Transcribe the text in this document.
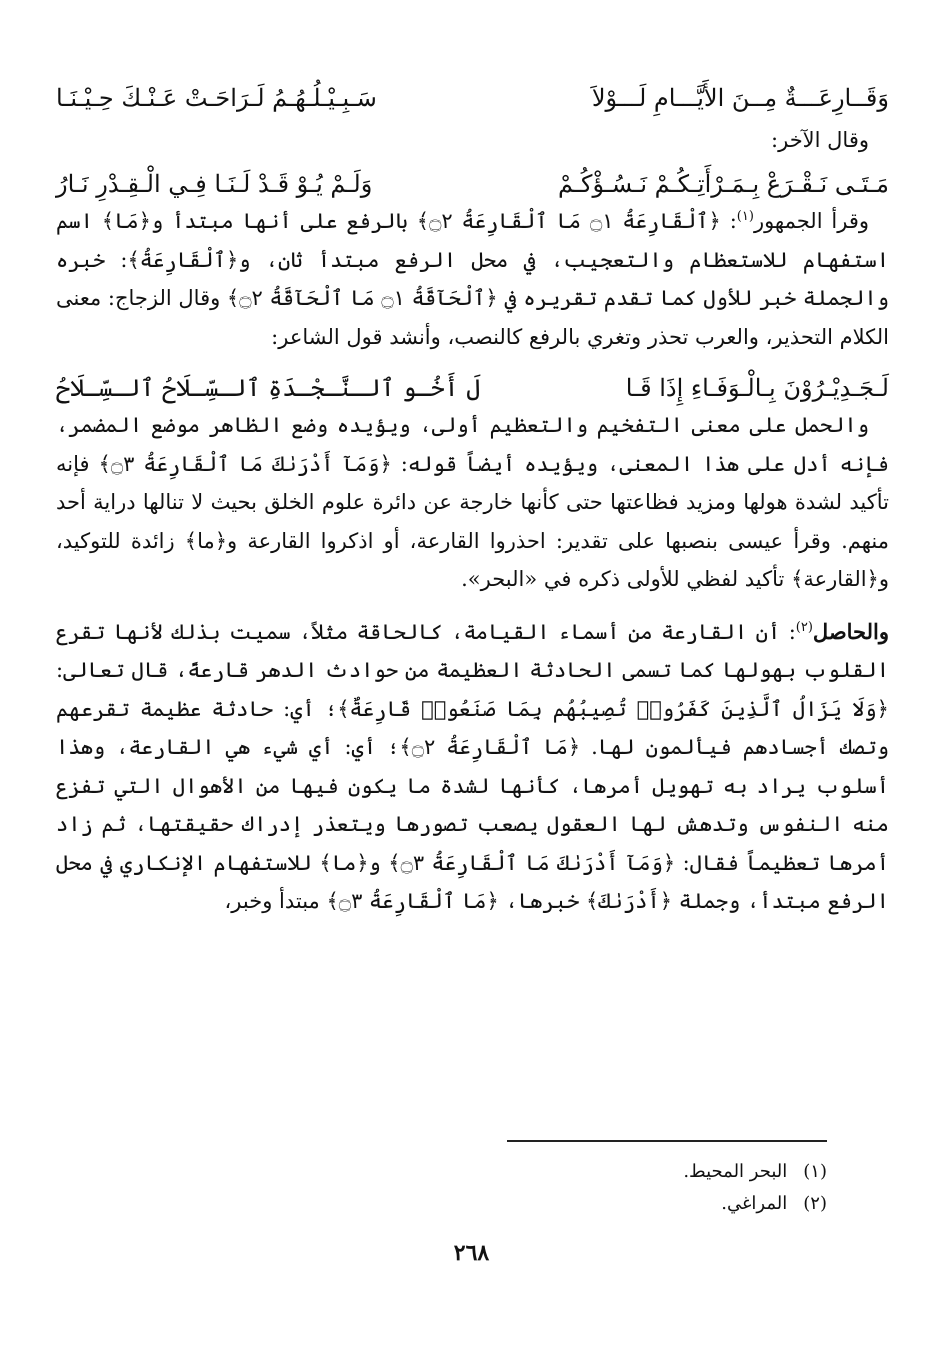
وَقَــارِعَـــةٌ مِــنَ الأَيَّـــامِ لَـــوْلاَ
سَـبِـيْـلُـهُـمُ لَـرَاحَـتْ عَـنْـكَ حِـيْـنَـا

وقال الآخر:

مَـتَـى نَـقْـرَعْ بِـمَـرْأَتِـكُـمْ نَـسُـؤْكُـمْ
وَلَـمْ يُـوْ قَـدْ لَـنَـا فِـي الْـقِـدْرِ نَـارُ

وقرأ الجمهور$^{(١)}$: ﴿ٱلْقَارِعَةُ ۝١ مَا ٱلْقَارِعَةُ ۝٢﴾ بالرفع على أنها مبتدأ و﴿مَا﴾ اسم استفهام للاستعظام والتعجيب، في محل الرفع مبتدأ ثان، و﴿ٱلْقَارِعَةُ﴾: خبره والجملة خبر للأول كما تقدم تقريره في ﴿ٱلْحَآقَّةُ ۝١ مَا ٱلْحَآقَّةُ ۝٢﴾ وقال الزجاج: معنى الكلام التحذير، والعرب تحذر وتغري بالرفع كالنصب، وأنشد قول الشاعر:

لَـجَـدِيْـرُوْنَ بِـالْـوَفَـاءِ إِذَا قَـا
لَ أَخُـو ٱلـنَّـجْـدَةِ ٱلـسِّـلَاحُ ٱلـسِّـلَاحُ

والحمل على معنى التفخيم والتعظيم أولى، ويؤيده وضع الظاهر موضع المضمر، فإنه أدل على هذا المعنى، ويؤيده أيضاً قوله: ﴿وَمَآ أَدْرَىٰكَ مَا ٱلْقَارِعَةُ ۝٣﴾ فإنه تأكيد لشدة هولها ومزيد فظاعتها حتى كأنها خارجة عن دائرة علوم الخلق بحيث لا تنالها دراية أحد منهم. وقرأ عيسى بنصبها على تقدير: احذروا القارعة، أو اذكروا القارعة و﴿ما﴾ زائدة للتوكيد، و﴿القارعة﴾ تأكيد لفظي للأولى ذكره في «البحر».

والحاصل$^{(٢)}$: أن القارعة من أسماء القيامة، كالحاقة مثلاً، سميت بذلك لأنها تقرع القلوب بهولها كما تسمى الحادثة العظيمة من حوادث الدهر قارعةً، قال تعالى: ﴿وَلَا يَزَالُ ٱلَّذِينَ كَفَرُوا۟ تُصِيبُهُم بِمَا صَنَعُوا۟ قَارِعَةٌ﴾؛ أي: حادثة عظيمة تقرعهم وتصك أجسادهم فيألمون لها. ﴿مَا ٱلْقَارِعَةُ ۝٢﴾؛ أي: أي شيء هي القارعة، وهذا أسلوب يراد به تهويل أمرها، كأنها لشدة ما يكون فيها من الأهوال التي تفزع منه النفوس وتدهش لها العقول يصعب تصورها ويتعذر إدراك حقيقتها، ثم زاد أمرها تعظيماً فقال: ﴿وَمَآ أَدْرَىٰكَ مَا ٱلْقَارِعَةُ ۝٣﴾ و﴿ما﴾ للاستفهام الإنكاري في محل الرفع مبتدأ، وجملة ﴿أَدْرَىٰكَ﴾ خبرها، ﴿مَا ٱلْقَارِعَةُ ۝٣﴾ مبتدأ وخبر،

(١) البحر المحيط.

(٢) المراغي.

٢٦٨
